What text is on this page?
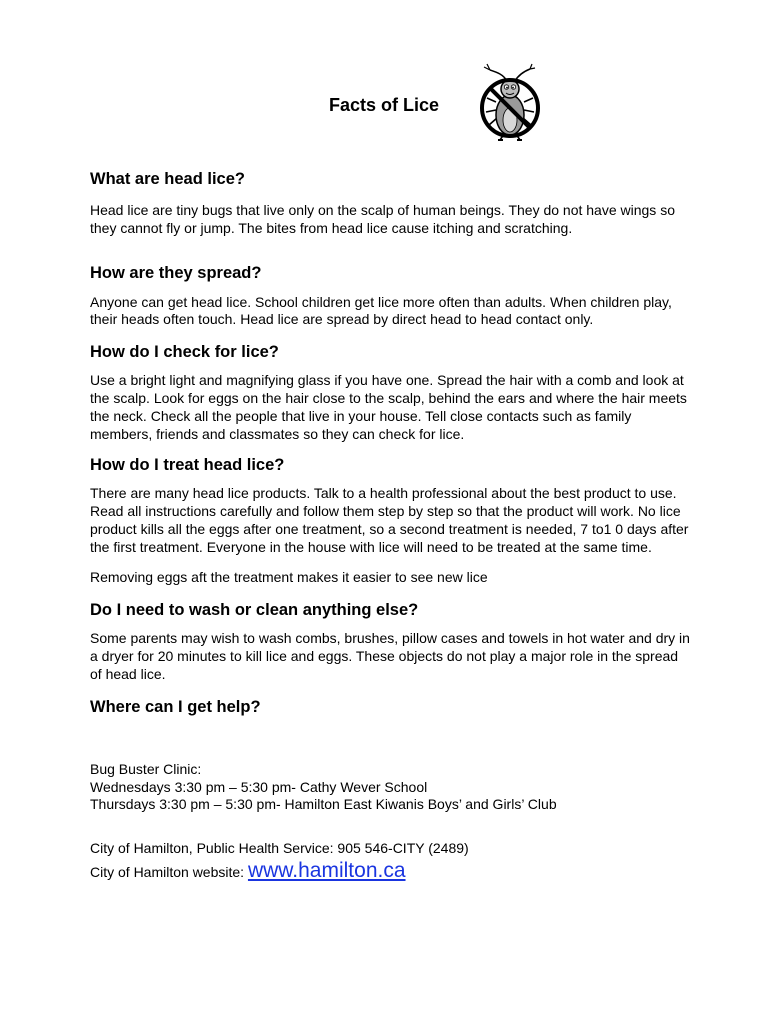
Facts of Lice
What are head lice?

Head lice are tiny bugs that live only on the scalp of human beings. They do not have wings so they cannot fly or jump. The bites from head lice cause itching and scratching.

How are they spread?

Anyone can get head lice. School children get lice more often than adults. When children play, their heads often touch. Head lice are spread by direct head to head contact only.

How do I check for lice?

Use a bright light and magnifying glass if you have one. Spread the hair with a comb and look at the scalp. Look for eggs on the hair close to the scalp, behind the ears and where the hair meets the neck. Check all the people that live in your house. Tell close contacts such as family members, friends and classmates so they can check for lice.

How do I treat head lice?

There are many head lice products. Talk to a health professional about the best product to use. Read all instructions carefully and follow them step by step so that the product will work. No lice product kills all the eggs after one treatment, so a second treatment is needed, 7 to1 0 days after the first treatment. Everyone in the house with lice will need to be treated at the same time.

Removing eggs aft the treatment makes it easier to see new lice

Do I need to wash or clean anything else?

Some parents may wish to wash combs, brushes, pillow cases and towels in hot water and dry in a dryer for 20 minutes to kill lice and eggs. These objects do not play a major role in the spread of head lice.

Where can I get help?

Bug Buster Clinic:

Wednesdays 3:30 pm – 5:30 pm- Cathy Wever School

Thursdays 3:30 pm – 5:30 pm- Hamilton East Kiwanis Boys’ and Girls’ Club

City of Hamilton, Public Health Service: 905 546-CITY (2489)

City of Hamilton website: www.hamilton.ca
